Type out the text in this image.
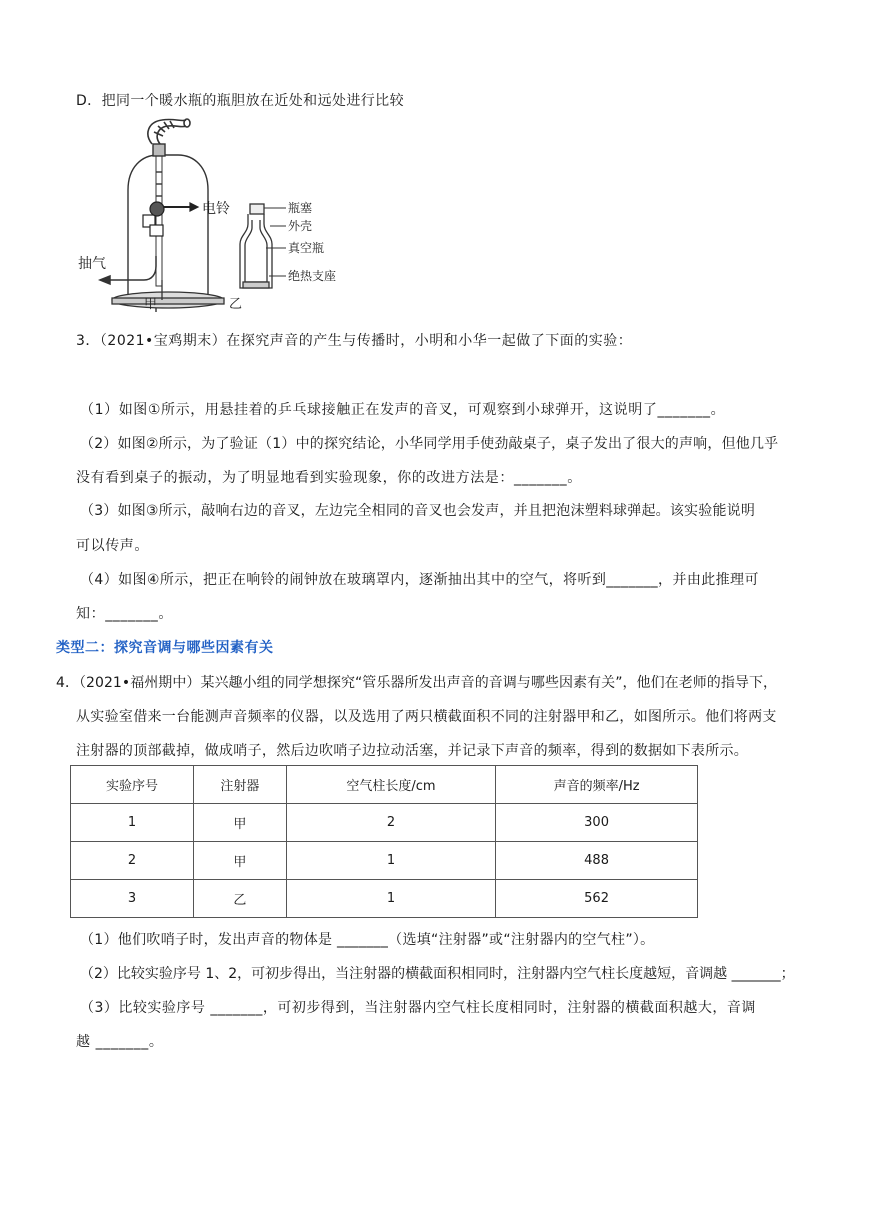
D．把同一个暖水瓶的瓶胆放在近处和远处进行比较
电铃	瓶塞
外壳
真空瓶
绝热支座
抽气
甲	乙
3．（2021•宝鸡期末）在探究声音的产生与传播时，小明和小华一起做了下面的实验：
（1）如图①所示，用悬挂着的乒乓球接触正在发声的音叉，可观察到小球弹开，这说明了_______。
（2）如图②所示，为了验证（1）中的探究结论，小华同学用手使劲敲桌子，桌子发出了很大的声响，但他几乎
没有看到桌子的振动，为了明显地看到实验现象，你的改进方法是：_______。
（3）如图③所示，敲响右边的音叉，左边完全相同的音叉也会发声，并且把泡沫塑料球弹起。该实验能说明
可以传声。
（4）如图④所示，把正在响铃的闹钟放在玻璃罩内，逐渐抽出其中的空气，将听到_______，并由此推理可
知：_______。
类型二：探究音调与哪些因素有关
4．（2021•福州期中）某兴趣小组的同学想探究“管乐器所发出声音的音调与哪些因素有关”，他们在老师的指导下，
从实验室借来一台能测声音频率的仪器，以及选用了两只横截面积不同的注射器甲和乙，如图所示。他们将两支
注射器的顶部截掉，做成哨子，然后边吹哨子边拉动活塞，并记录下声音的频率，得到的数据如下表所示。
实验序号	注射器	空气柱长度/cm	声音的频率/Hz
1	甲	2	300
2	甲	1	488
3	乙	1	562
（1）他们吹哨子时，发出声音的物体是 _______（选填“注射器”或“注射器内的空气柱”）。
（2）比较实验序号 1、2，可初步得出，当注射器的横截面积相同时，注射器内空气柱长度越短，音调越 _______；
（3）比较实验序号 _______，可初步得到，当注射器内空气柱长度相同时，注射器的横截面积越大，音调
越 _______。
